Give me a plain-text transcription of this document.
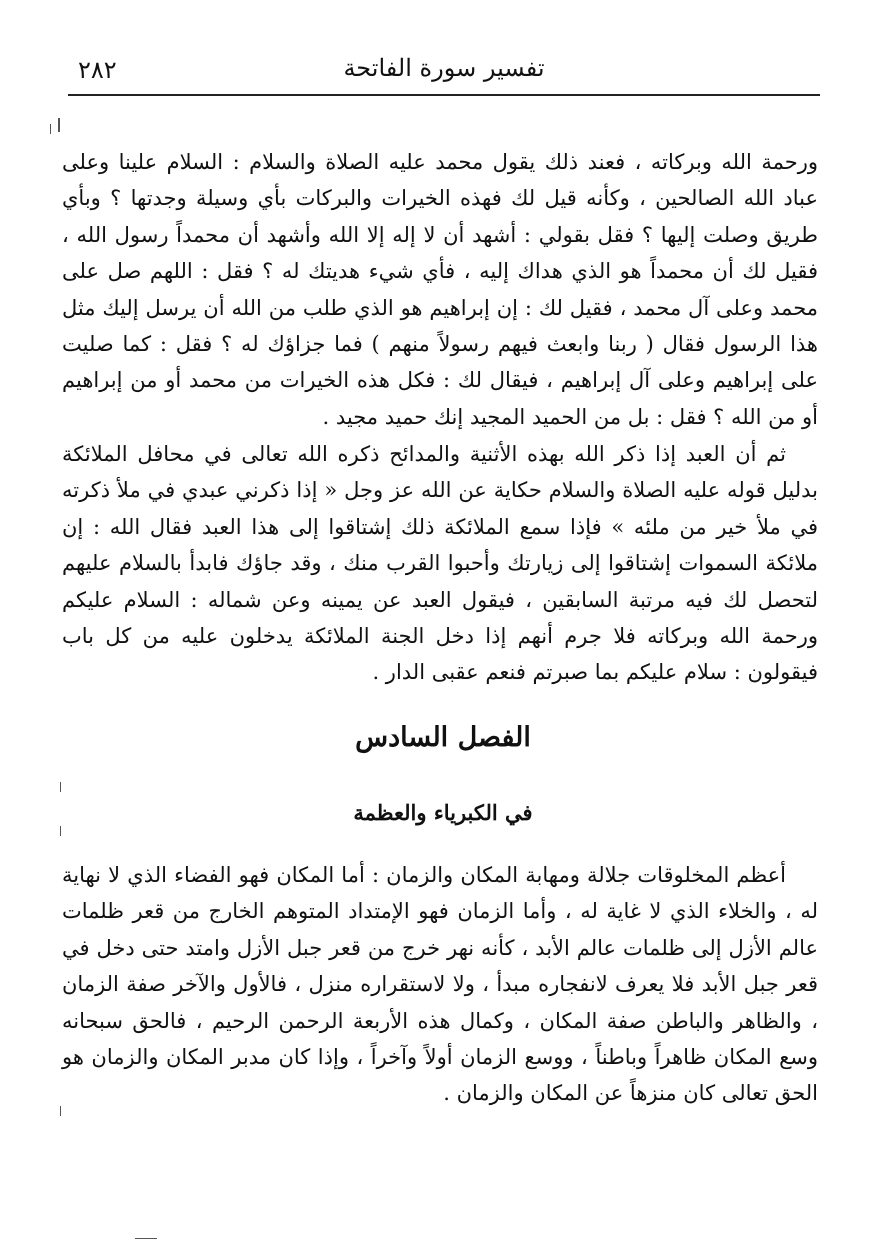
تفسير سورة الفاتحة
٢٨٢

ورحمة الله وبركاته ، فعند ذلك يقول محمد عليه الصلاة والسلام : السلام علينا وعلى عباد الله الصالحين ، وكأنه قيل لك فهذه الخيرات والبركات بأي وسيلة وجدتها ؟ وبأي طريق وصلت إليها ؟ فقل بقولي : أشهد أن لا إله إلا الله وأشهد أن محمداً رسول الله ، فقيل لك أن محمداً هو الذي هداك إليه ، فأي شيء هديتك له ؟ فقل : اللهم صل على محمد وعلى آل محمد ، فقيل لك : إن إبراهيم هو الذي طلب من الله أن يرسل إليك مثل هذا الرسول فقال ( ربنا وابعث فيهم رسولاً منهم ) فما جزاؤك له ؟ فقل : كما صليت على إبراهيم وعلى آل إبراهيم ، فيقال لك : فكل هذه الخيرات من محمد أو من إبراهيم أو من الله ؟ فقل : بل من الحميد المجيد إنك حميد مجيد .

ثم أن العبد إذا ذكر الله بهذه الأثنية والمدائح ذكره الله تعالى في محافل الملائكة بدليل قوله عليه الصلاة والسلام حكاية عن الله عز وجل « إذا ذكرني عبدي في ملأ ذكرته في ملأ خير من ملئه » فإذا سمع الملائكة ذلك إشتاقوا إلى هذا العبد فقال الله : إن ملائكة السموات إشتاقوا إلى زيارتك وأحبوا القرب منك ، وقد جاؤك فابدأ بالسلام عليهم لتحصل لك فيه مرتبة السابقين ، فيقول العبد عن يمينه وعن شماله : السلام عليكم ورحمة الله وبركاته فلا جرم أنهم إذا دخل الجنة الملائكة يدخلون عليه من كل باب فيقولون : سلام عليكم بما صبرتم فنعم عقبى الدار .

الفصل السادس
في الكبرياء والعظمة

أعظم المخلوقات جلالة ومهابة المكان والزمان : أما المكان فهو الفضاء الذي لا نهاية له ، والخلاء الذي لا غاية له ، وأما الزمان فهو الإمتداد المتوهم الخارج من قعر ظلمات عالم الأزل إلى ظلمات عالم الأبد ، كأنه نهر خرج من قعر جبل الأزل وامتد حتى دخل في قعر جبل الأبد فلا يعرف لانفجاره مبدأ ، ولا لاستقراره منزل ، فالأول والآخر صفة الزمان ، والظاهر والباطن صفة المكان ، وكمال هذه الأربعة الرحمن الرحيم ، فالحق سبحانه وسع المكان ظاهراً وباطناً ، ووسع الزمان أولاً وآخراً ، وإذا كان مدبر المكان والزمان هو الحق تعالى كان منزهاً عن المكان والزمان .
